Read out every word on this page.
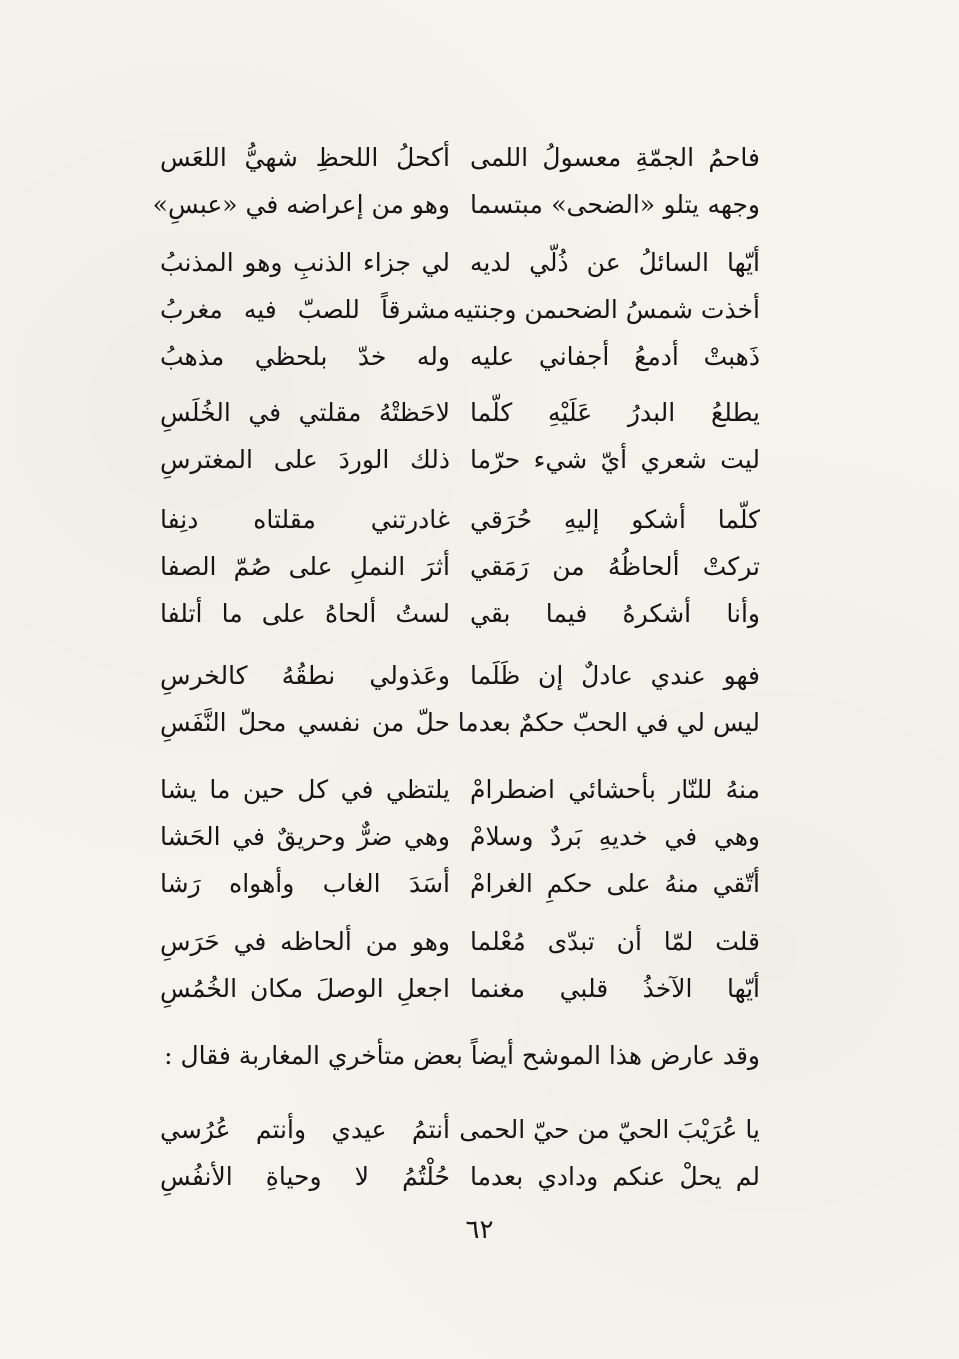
فاحمُ الجمّةِ معسولُ اللمى
أكحلُ اللحظِ شهيُّ اللعَس
وجهه يتلو «الضحى» مبتسما
وهو من إعراضه في «عبسِ»
أيّها السائلُ عن ذُلّي لديه
لي جزاء الذنبِ وهو المذنبُ
أخذت شمسُ الضحىمن وجنتيه
مشرقاً للصبّ فيه مغربُ
ذَهبتْ أدمعُ أجفاني عليه
وله خدّ بلحظي مذهبُ
يطلعُ البدرُ عَلَيْهِ كلّما
لاحَظتْهُ مقلتي في الخُلَسِ
ليت شعري أيّ شيء حرّما
ذلك الوردَ على المغترسِ
كلّما أشكو إليهِ حُرَقي
غادرتني مقلتاه دنِفا
تركتْ ألحاظُهُ من رَمَقي
أثرَ النملِ على صُمّ الصفا
وأنا أشكرهُ فيما بقي
لستُ ألحاهُ على ما أتلفا
فهو عندي عادلٌ إن ظَلَما
وعَذولي نطقُهُ كالخرسِ
ليس لي في الحبّ حكمٌ بعدما
حلّ من نفسي محلّ النَّفَسِ
منهُ للنّار بأحشائي اضطرامْ
يلتظي في كل حين ما يشا
وهي في خديهِ بَردٌ وسلامْ
وهي ضرٌّ وحريقٌ في الحَشا
أتّقي منهُ على حكمِ الغرامْ
أسَدَ الغاب وأهواه رَشا
قلت لمّا أن تبدّى مُعْلما
وهو من ألحاظه في حَرَسِ
أيّها الآخذُ قلبي مغنما
اجعلِ الوصلَ مكان الخُمُسِ
وقد عارض هذا الموشح أيضاً بعض متأخري المغاربة فقال :
يا عُرَيْبَ الحيّ من حيّ الحمى
أنتمُ عيدي وأنتم عُرُسي
لم يحلْ عنكم ودادي بعدما
حُلْتُمُ لا وحياةِ الأنفُسِ
٦٢
